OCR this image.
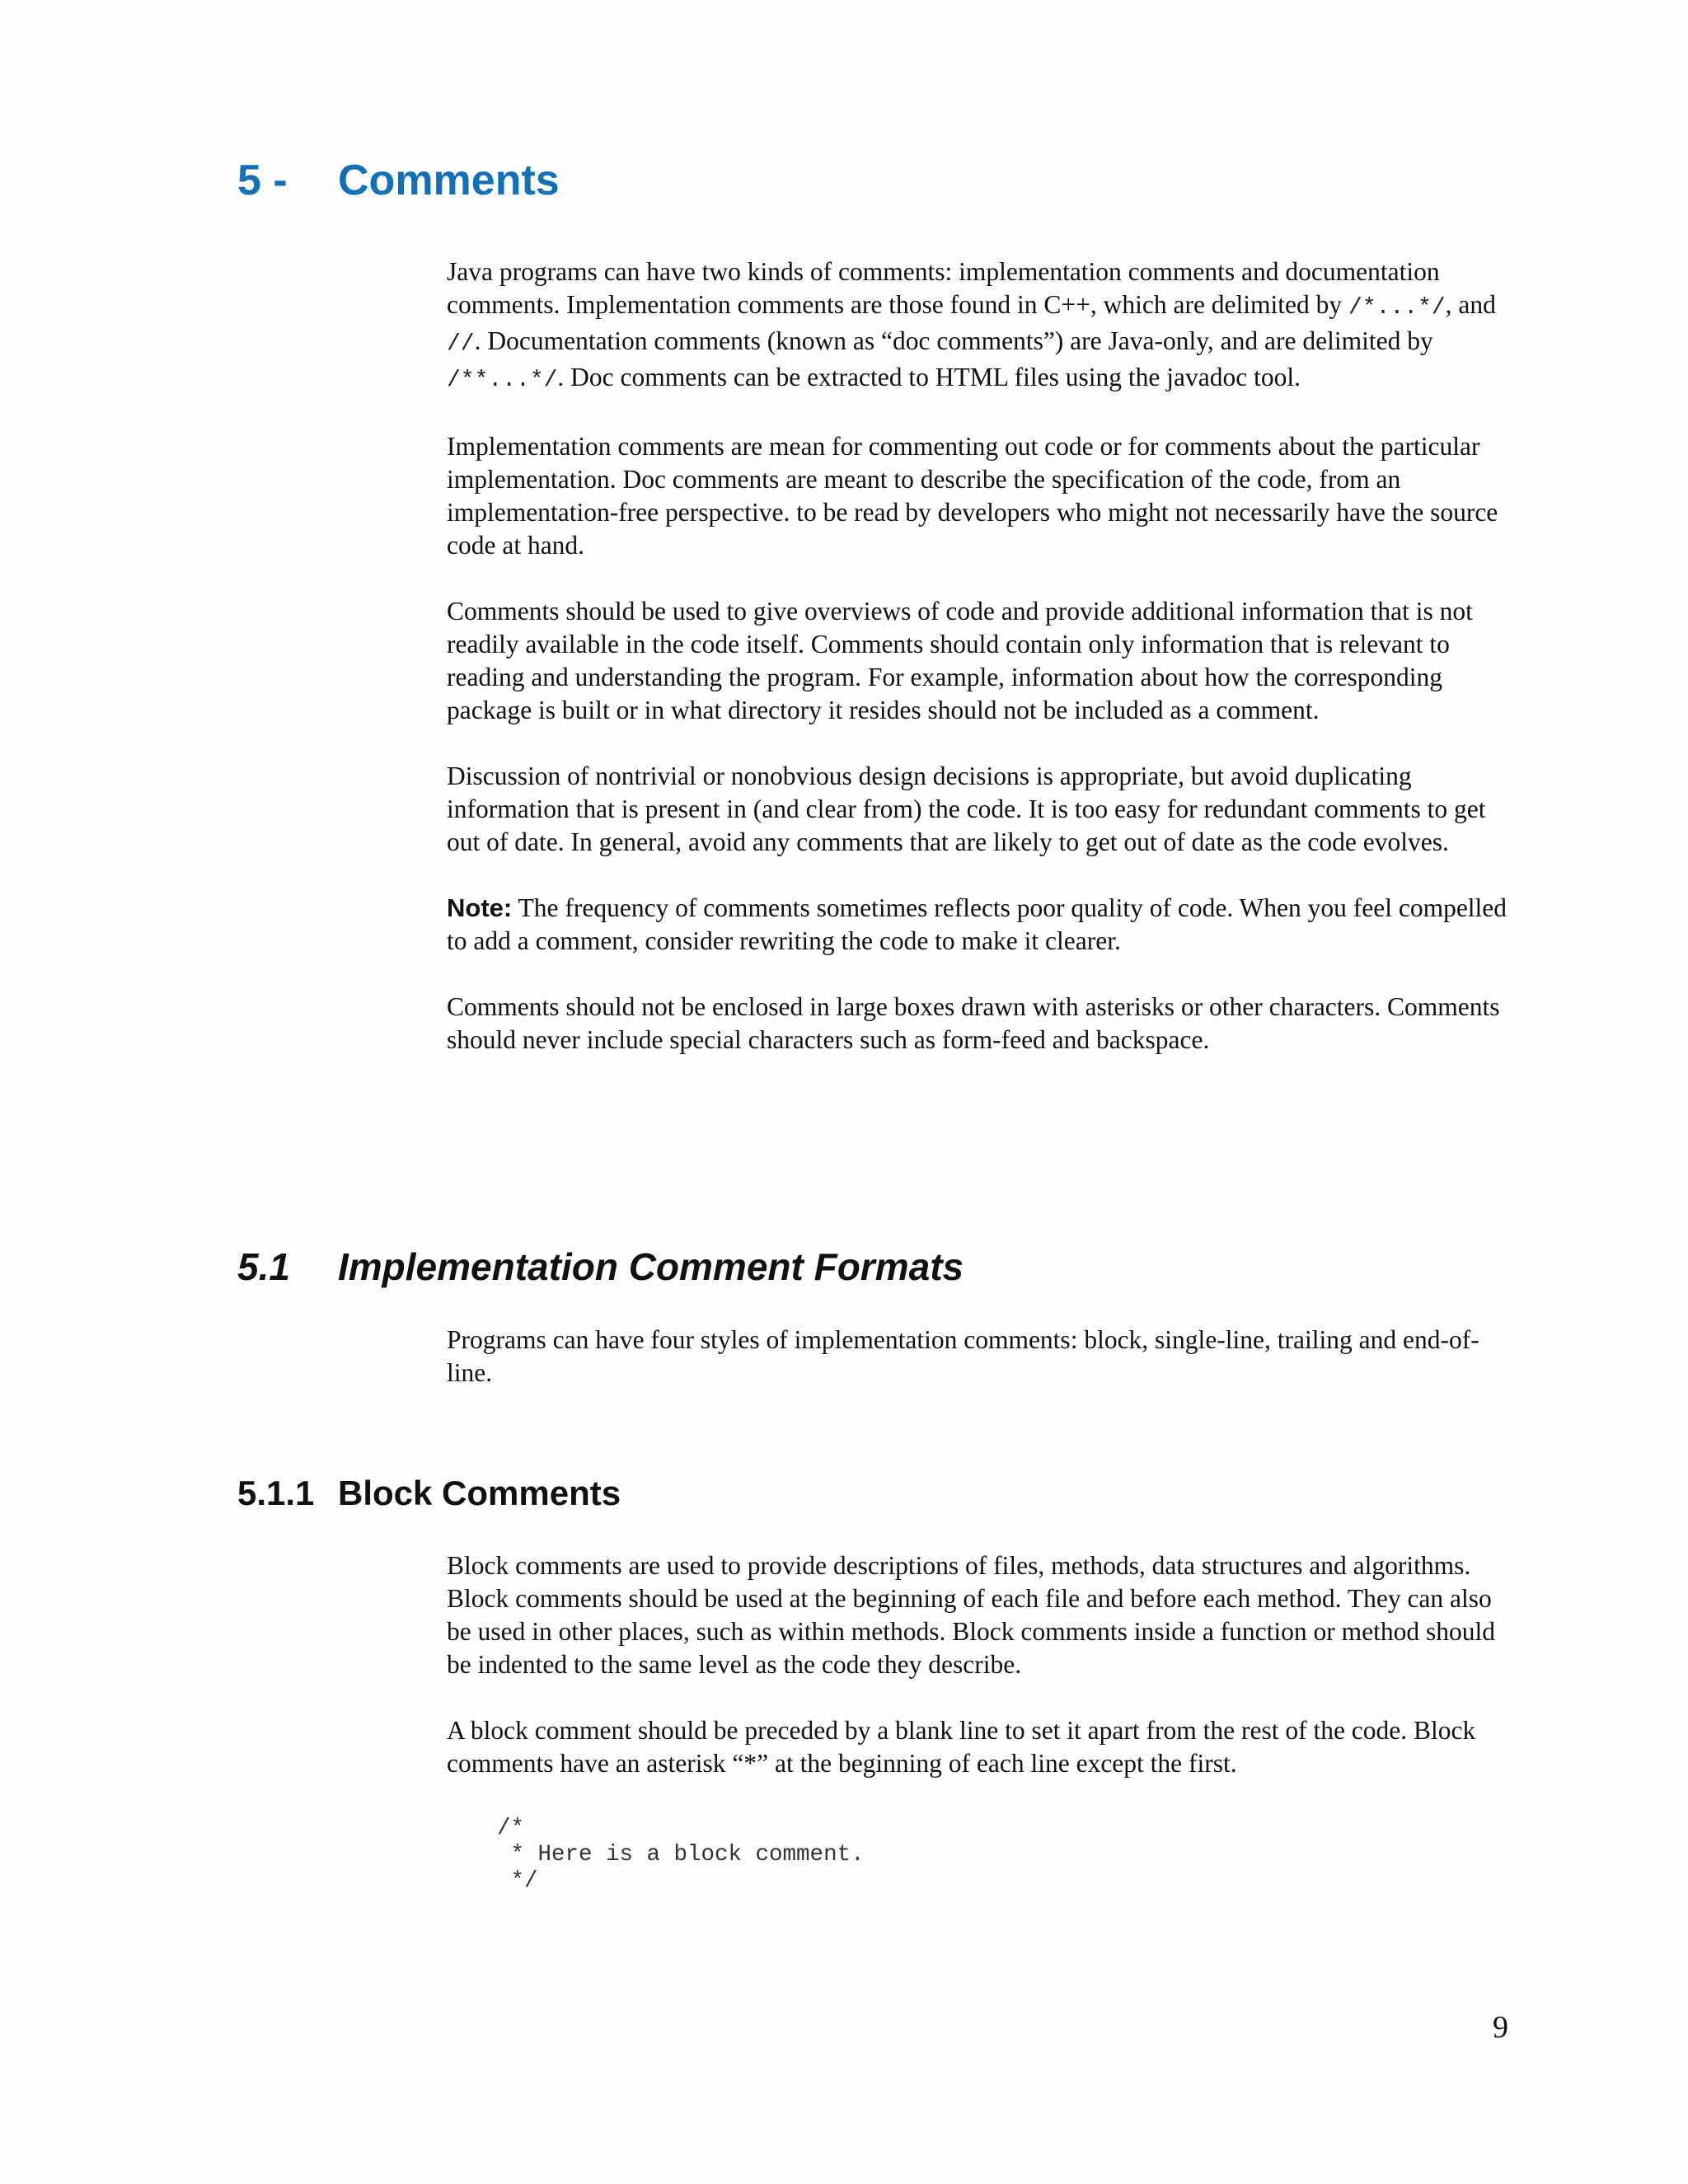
5 - Comments

Java programs can have two kinds of comments: implementation comments and documentation comments. Implementation comments are those found in C++, which are delimited by /*...*/, and //. Documentation comments (known as “doc comments”) are Java-only, and are delimited by /**...*/. Doc comments can be extracted to HTML files using the javadoc tool.

Implementation comments are mean for commenting out code or for comments about the particular implementation. Doc comments are meant to describe the specification of the code, from an implementation-free perspective. to be read by developers who might not necessarily have the source code at hand.

Comments should be used to give overviews of code and provide additional information that is not readily available in the code itself. Comments should contain only information that is relevant to reading and understanding the program. For example, information about how the corresponding package is built or in what directory it resides should not be included as a comment.

Discussion of nontrivial or nonobvious design decisions is appropriate, but avoid duplicating information that is present in (and clear from) the code. It is too easy for redundant comments to get out of date. In general, avoid any comments that are likely to get out of date as the code evolves.

Note: The frequency of comments sometimes reflects poor quality of code. When you feel compelled to add a comment, consider rewriting the code to make it clearer.

Comments should not be enclosed in large boxes drawn with asterisks or other characters. Comments should never include special characters such as form-feed and backspace.

5.1 Implementation Comment Formats

Programs can have four styles of implementation comments: block, single-line, trailing and end-of-line.

5.1.1 Block Comments

Block comments are used to provide descriptions of files, methods, data structures and algorithms. Block comments should be used at the beginning of each file and before each method. They can also be used in other places, such as within methods. Block comments inside a function or method should be indented to the same level as the code they describe.

A block comment should be preceded by a blank line to set it apart from the rest of the code. Block comments have an asterisk “*” at the beginning of each line except the first.

/*
* Here is a block comment.
*/
9
